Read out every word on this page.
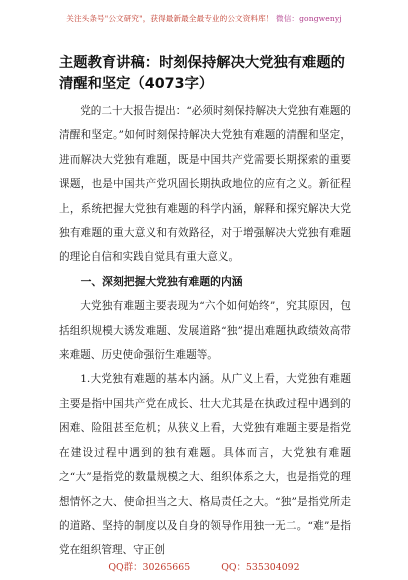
关注头条号"公文研究"，获得最新最全最专业的公文资料库！ 微信：gongwenyj
主题教育讲稿：时刻保持解决大党独有难题的清醒和坚定（4073字）

党的二十大报告提出：“必须时刻保持解决大党独有难题的清醒和坚定。”如何时刻保持解决大党独有难题的清醒和坚定，进而解决大党独有难题，既是中国共产党需要长期探索的重要课题，也是中国共产党巩固长期执政地位的应有之义。新征程上，系统把握大党独有难题的科学内涵，解释和探究解决大党独有难题的重大意义和有效路径，对于增强解决大党独有难题的理论自信和实践自觉具有重大意义。

一、深刻把握大党独有难题的内涵

大党独有难题主要表现为“六个如何始终”，究其原因，包括组织规模大诱发难题、发展道路“独”提出难题执政绩效高带来难题、历史使命强衍生难题等。

1.大党独有难题的基本内涵。从广义上看，大党独有难题主要是指中国共产党在成长、壮大尤其是在执政过程中遇到的困难、险阻甚至危机；从狭义上看，大党独有难题主要是指党在建设过程中遇到的独有难题。具体而言，大党独有难题之“大”是指党的数量规模之大、组织体系之大，也是指党的理想情怀之大、使命担当之大、格局责任之大。“独”是指党所走的道路、坚持的制度以及自身的领导作用独一无二。“难”是指党在组织管理、守正创

QQ群：30265665	QQ：535304092
